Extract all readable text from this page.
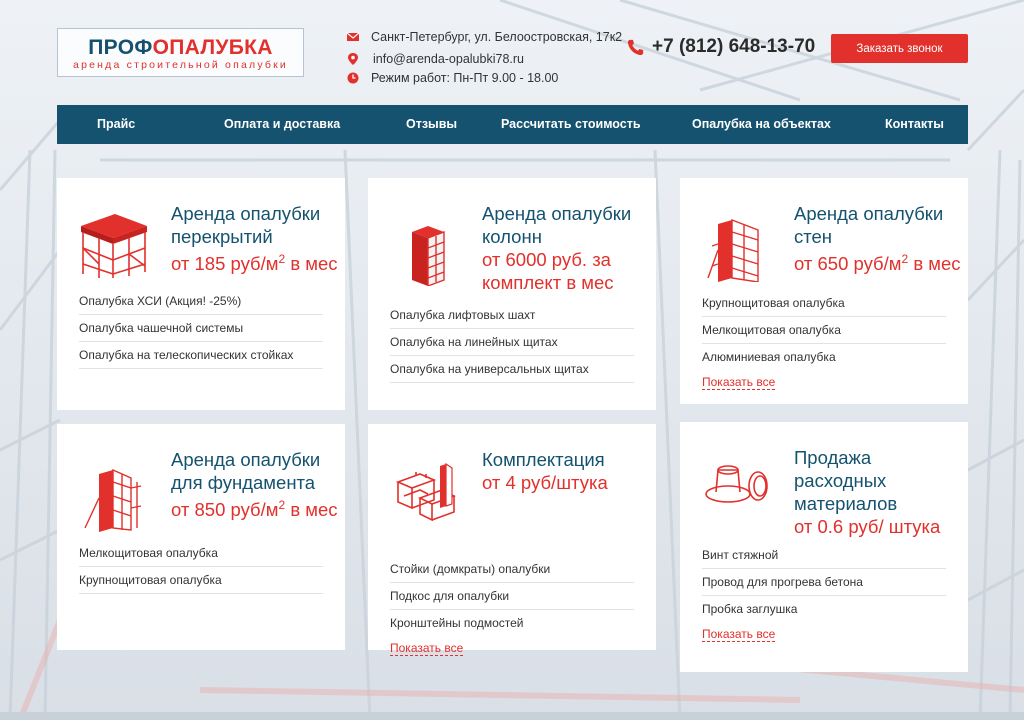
ПРОФОПАЛУБКА
аренда строительной опалубки
Санкт-Петербург, ул. Белоостровская, 17к2
info@arenda-opalubki78.ru
Режим работ: Пн-Пт 9.00 - 18.00
+7 (812) 648-13-70	Заказать звонок
Прайс	Оплата и доставка	Отзывы	Рассчитать стоимость	Опалубка на объектах	Контакты
Аренда опалубки перекрытий
от 185 руб/$м^2$ в мес
Опалубка ХСИ (Акция! -25%)
Опалубка чашечной системы
Опалубка на телескопических стойках
Аренда опалубки колонн
от 6000 руб. за комплект в мес
Опалубка лифтовых шахт
Опалубка на линейных щитах
Опалубка на универсальных щитах
Аренда опалубки стен
от 650 руб/$м^2$ в мес
Крупнощитовая опалубка
Мелкощитовая опалубка
Алюминиевая опалубка
Показать все
Аренда опалубки для фундамента
от 850 руб/$м^2$ в мес
Мелкощитовая опалубка
Крупнощитовая опалубка
Комплектация
от 4 руб/штука
Стойки (домкраты) опалубки
Подкос для опалубки
Кронштейны подмостей
Показать все
Продажа расходных материалов
от 0.6 руб/ штука
Винт стяжной
Провод для прогрева бетона
Пробка заглушка
Показать все
